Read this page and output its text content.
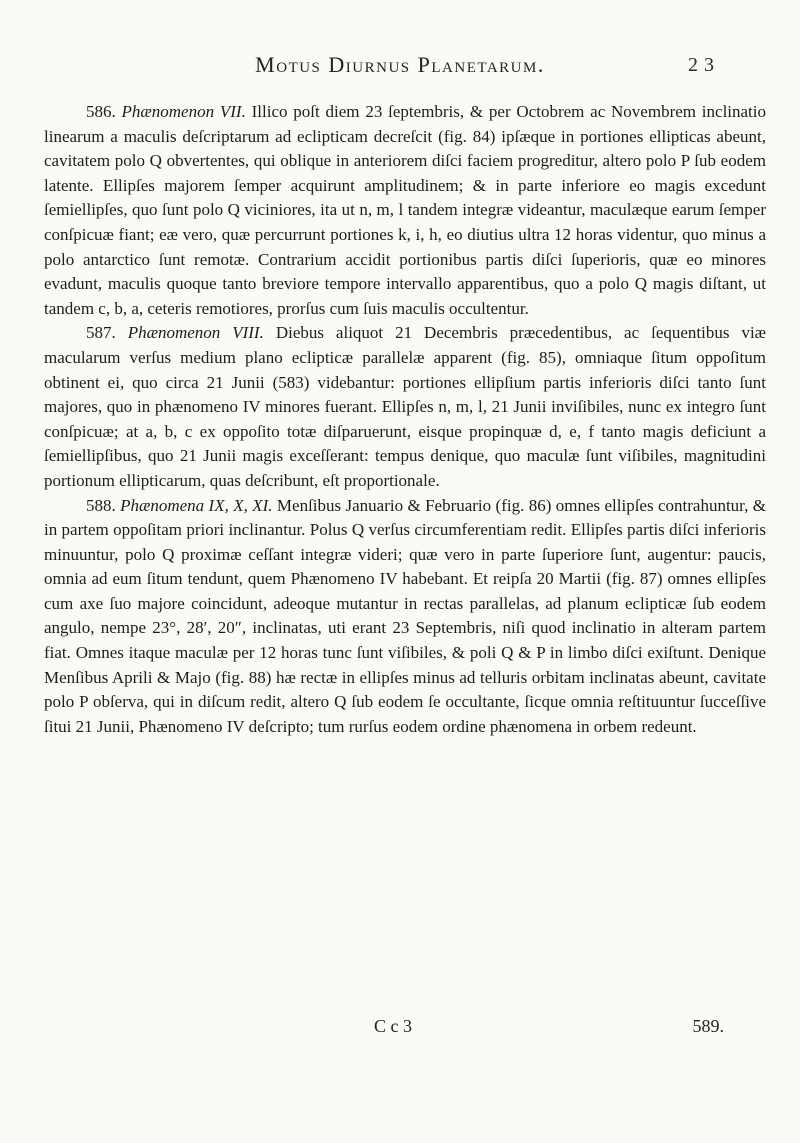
Motus Diurnus Planetarum.	23

586. Phænomenon VII. Illico poſt diem 23 ſeptembris, & per Octobrem ac Novembrem inclinatio linearum a maculis deſcriptarum ad eclipticam decreſcit (fig. 84) ipſæque in portiones ellipticas abeunt, cavitatem polo Q obvertentes, qui oblique in anteriorem diſci faciem progreditur, altero polo P ſub eodem latente. Ellipſes majorem ſemper acquirunt amplitudinem; & in parte inferiore eo magis excedunt ſemiellipſes, quo ſunt polo Q viciniores, ita ut n, m, l tandem integræ videantur, maculæque earum ſemper conſpicuæ fiant; eæ vero, quæ percurrunt portiones k, i, h, eo diutius ultra 12 horas videntur, quo minus a polo antarctico ſunt remotæ. Contrarium accidit portionibus partis diſci ſuperioris, quæ eo minores evadunt, maculis quoque tanto breviore tempore intervallo apparentibus, quo a polo Q magis diſtant, ut tandem c, b, a, ceteris remotiores, prorſus cum ſuis maculis occultentur.

587. Phænomenon VIII. Diebus aliquot 21 Decembris præcedentibus, ac ſequentibus viæ macularum verſus medium plano eclipticæ parallelæ apparent (fig. 85), omniaque ſitum oppoſitum obtinent ei, quo circa 21 Junii (583) videbantur: portiones ellipſium partis inferioris diſci tanto ſunt majores, quo in phænomeno IV minores fuerant. Ellipſes n, m, l, 21 Junii inviſibiles, nunc ex integro ſunt conſpicuæ; at a, b, c ex oppoſito totæ diſparuerunt, eisque propinquæ d, e, f tanto magis deficiunt a ſemiellipſibus, quo 21 Junii magis exceſſerant: tempus denique, quo maculæ ſunt viſibiles, magnitudini portionum ellipticarum, quas deſcribunt, eſt proportionale.

588. Phænomena IX, X, XI. Menſibus Januario & Februario (fig. 86) omnes ellipſes contrahuntur, & in partem oppoſitam priori inclinantur. Polus Q verſus circumferentiam redit. Ellipſes partis diſci inferioris minuuntur, polo Q proximæ ceſſant integræ videri; quæ vero in parte ſuperiore ſunt, augentur: paucis, omnia ad eum ſitum tendunt, quem Phænomeno IV habebant. Et reipſa 20 Martii (fig. 87) omnes ellipſes cum axe ſuo majore coincidunt, adeoque mutantur in rectas parallelas, ad planum eclipticæ ſub eodem angulo, nempe 23°, 28′, 20″, inclinatas, uti erant 23 Septembris, niſi quod inclinatio in alteram partem fiat. Omnes itaque maculæ per 12 horas tunc ſunt viſibiles, & poli Q & P in limbo diſci exiſtunt. Denique Menſibus Aprili & Majo (fig. 88) hæ rectæ in ellipſes minus ad telluris orbitam inclinatas abeunt, cavitate polo P obſerva, qui in diſcum redit, altero Q ſub eodem ſe occultante, ſicque omnia reſtituuntur ſucceſſive ſitui 21 Junii, Phænomeno IV deſcripto; tum rurſus eodem ordine phænomena in orbem redeunt.

C c 3	589.
